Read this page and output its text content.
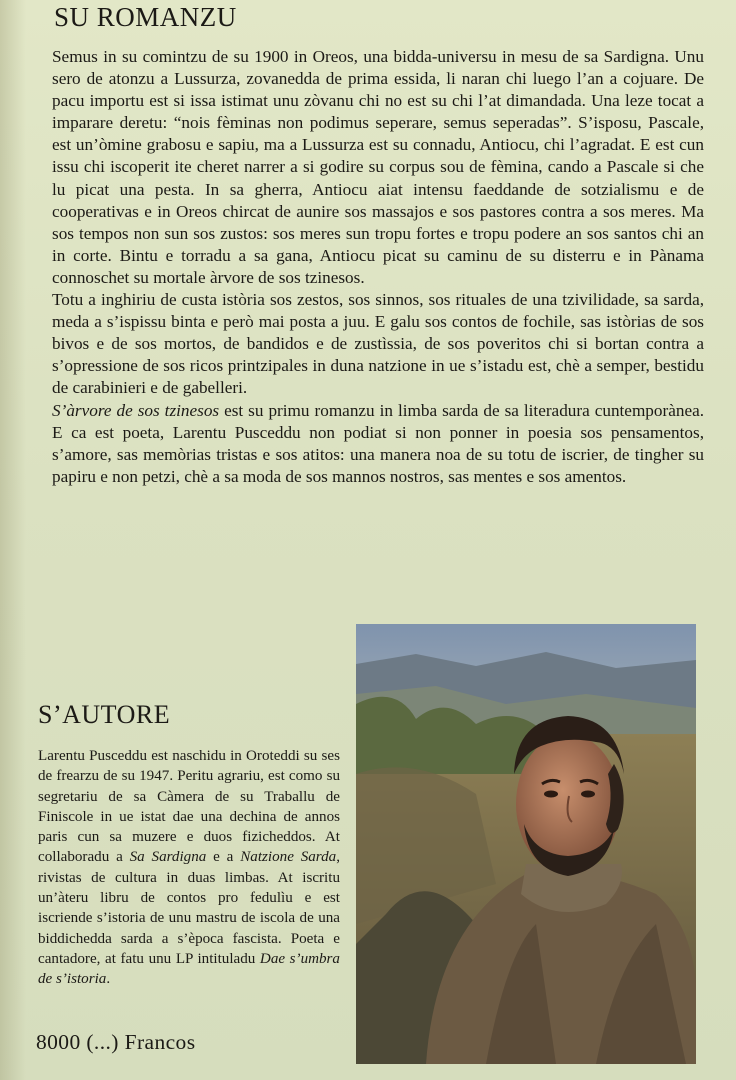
SU ROMANZU

Semus in su comintzu de su 1900 in Oreos, una bidda-universu in mesu de sa Sardigna. Unu sero de atonzu a Lussurza, zovanedda de prima essida, li naran chi luego l’an a cojuare. De pacu importu est si issa istimat unu zòvanu chi no est su chi l’at dimandada. Una leze tocat a imparare deretu: “nois fèminas non podimus seperare, semus seperadas”. S’isposu, Pascale, est un’òmine grabosu e sapiu, ma a Lussurza est su connadu, Antiocu, chi l’agradat. E est cun issu chi iscoperit ite cheret narrer a si godire su corpus sou de fèmina, cando a Pascale si che lu picat una pesta. In sa gherra, Antiocu aiat intensu faeddande de sotzialismu e de cooperativas e in Oreos chircat de aunire sos massajos e sos pastores contra a sos meres. Ma sos tempos non sun sos zustos: sos meres sun tropu fortes e tropu podere an sos santos chi an in corte. Bintu e torradu a sa gana, Antiocu picat su caminu de su disterru e in Pànama connoschet su mortale àrvore de sos tzinesos.

Totu a inghiriu de custa istòria sos zestos, sos sinnos, sos rituales de una tzivilidade, sa sarda, meda a s’ispissu binta e però mai posta a juu. E galu sos contos de fochile, sas istòrias de sos bivos e de sos mortos, de bandidos e de zustìssia, de sos poveritos chi si bortan contra a s’opressione de sos ricos printzipales in duna natzione in ue s’istadu est, chè a semper, bestidu de carabinieri e de gabelleri.

S’àrvore de sos tzinesos est su primu romanzu in limba sarda de sa literadura cuntemporànea. E ca est poeta, Larentu Pusceddu non podiat si non ponner in poesia sos pensamentos, s’amore, sas memòrias tristas e sos atitos: una manera noa de su totu de iscrier, de tingher su papiru e non petzi, chè a sa moda de sos mannos nostros, sas mentes e sos amentos.

S’AUTORE

Larentu Pusceddu est naschidu in Oroteddi su ses de frearzu de su 1947. Peritu agrariu, est como su segretariu de sa Càmera de su Traballu de Finiscole in ue istat dae una dechina de annos paris cun sa muzere e duos fizicheddos. At collaboradu a Sa Sardigna e a Natzione Sarda, rivistas de cultura in duas limbas. At iscritu un’àteru libru de contos pro fedulìu e est iscriende s’istoria de unu mastru de iscola de una biddichedda sarda a s’època fascista. Poeta e cantadore, at fatu unu LP intituladu Dae s’umbra de s’istoria.

8000 (...) Francos
